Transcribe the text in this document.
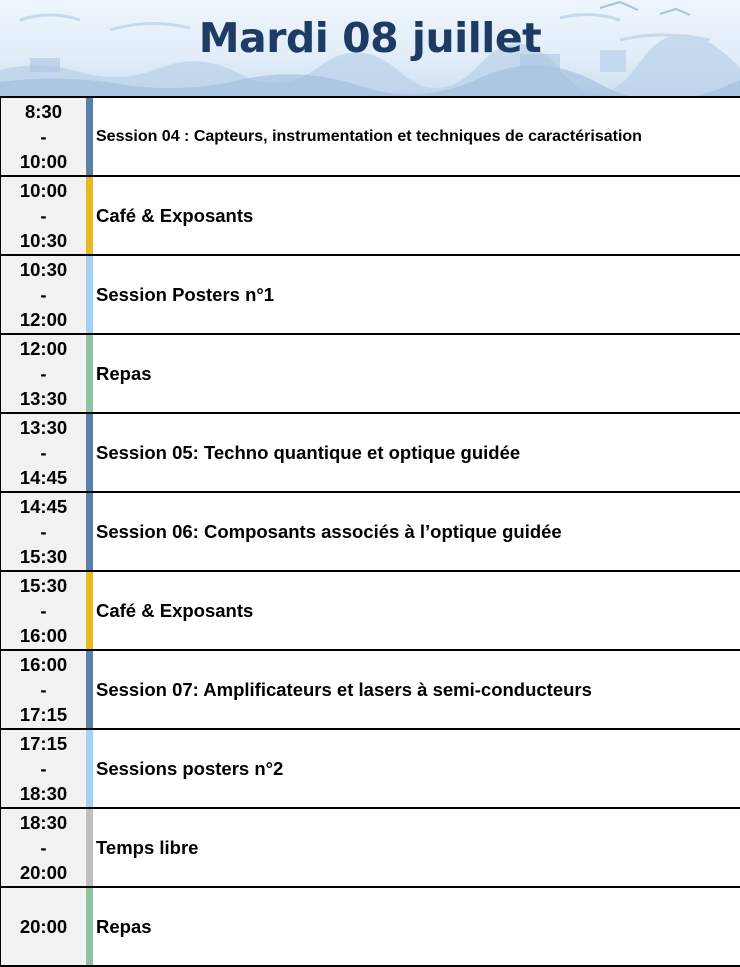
Mardi 08 juillet
8:30
-
10:00
Session 04 : Capteurs, instrumentation et techniques de caractérisation
10:00
-
10:30
Café & Exposants
10:30
-
12:00
Session Posters n°1
12:00
-
13:30
Repas
13:30
-
14:45
Session 05: Techno quantique et optique guidée
14:45
-
15:30
Session 06: Composants associés à l’optique guidée
15:30
-
16:00
Café & Exposants
16:00
-
17:15
Session 07: Amplificateurs et lasers à semi-conducteurs
17:15
-
18:30
Sessions posters n°2
18:30
-
20:00
Temps libre
20:00 Repas
